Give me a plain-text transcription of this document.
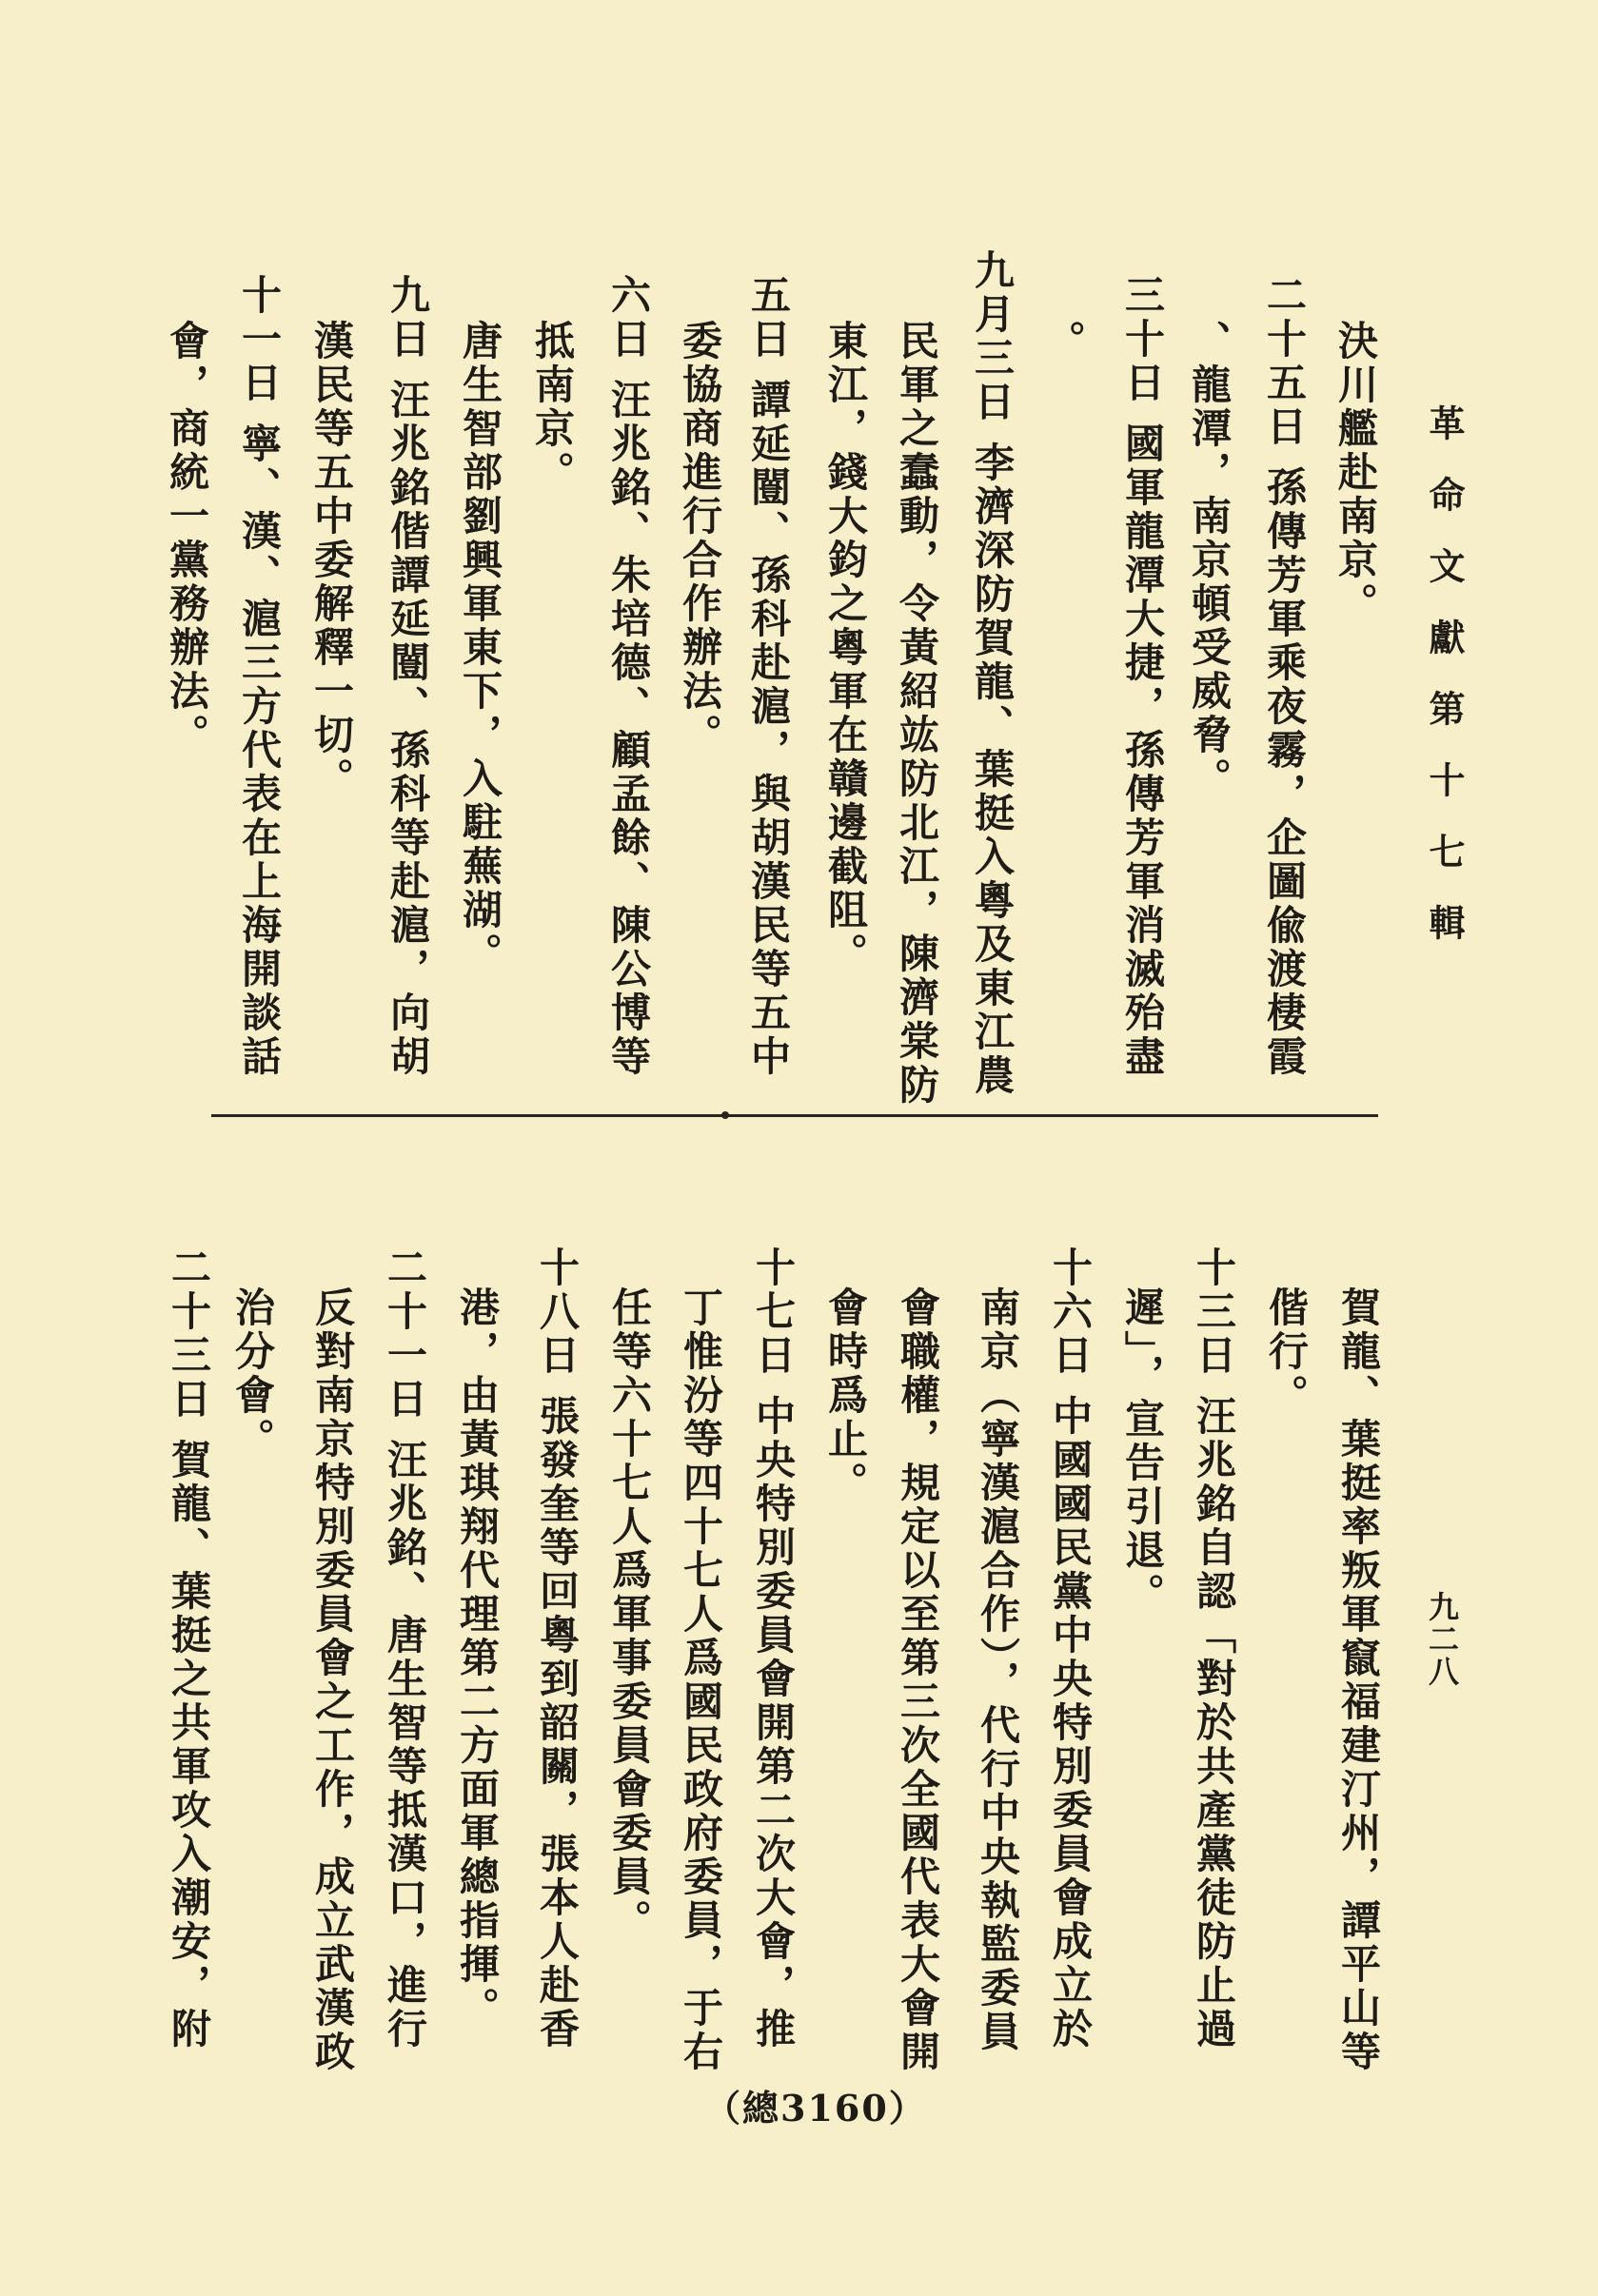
革命文獻第十七輯
九二八
（總3160）
決川艦赴南京。
二十五日孫傳芳軍乘夜霧，企圖偸渡棲霞
、龍潭，南京頓受威脅。
三十日國軍龍潭大捷，孫傳芳軍消滅殆盡
。
九月三日李濟深防賀龍、葉挺入粵及東江農
民軍之蠢動，令黃紹竑防北江，陳濟棠防
東江，錢大鈞之粵軍在贛邊截阻。
五日譚延闓、孫科赴滬，與胡漢民等五中
委協商進行合作辦法。
六日汪兆銘、朱培德、顧孟餘、陳公博等
抵南京。
唐生智部劉興軍東下，入駐蕪湖。
九日汪兆銘偕譚延闓、孫科等赴滬，向胡
漢民等五中委解釋一切。
十一日寧、漢、滬三方代表在上海開談話
會，商統一黨務辦法。
賀龍、葉挺率叛軍竄福建汀州，譚平山等
偕行。
十三日汪兆銘自認「對於共產黨徒防止過
遲」，宣告引退。
十六日中國國民黨中央特別委員會成立於
南京（寧漢滬合作），代行中央執監委員
會職權，規定以至第三次全國代表大會開
會時爲止。
十七日中央特別委員會開第二次大會，推
丁惟汾等四十七人爲國民政府委員，于右
任等六十七人爲軍事委員會委員。
十八日張發奎等回粵到韶關，張本人赴香
港，由黃琪翔代理第二方面軍總指揮。
二十一日汪兆銘、唐生智等抵漢口，進行
反對南京特別委員會之工作，成立武漢政
治分會。
二十三日賀龍、葉挺之共軍攻入潮安，附
